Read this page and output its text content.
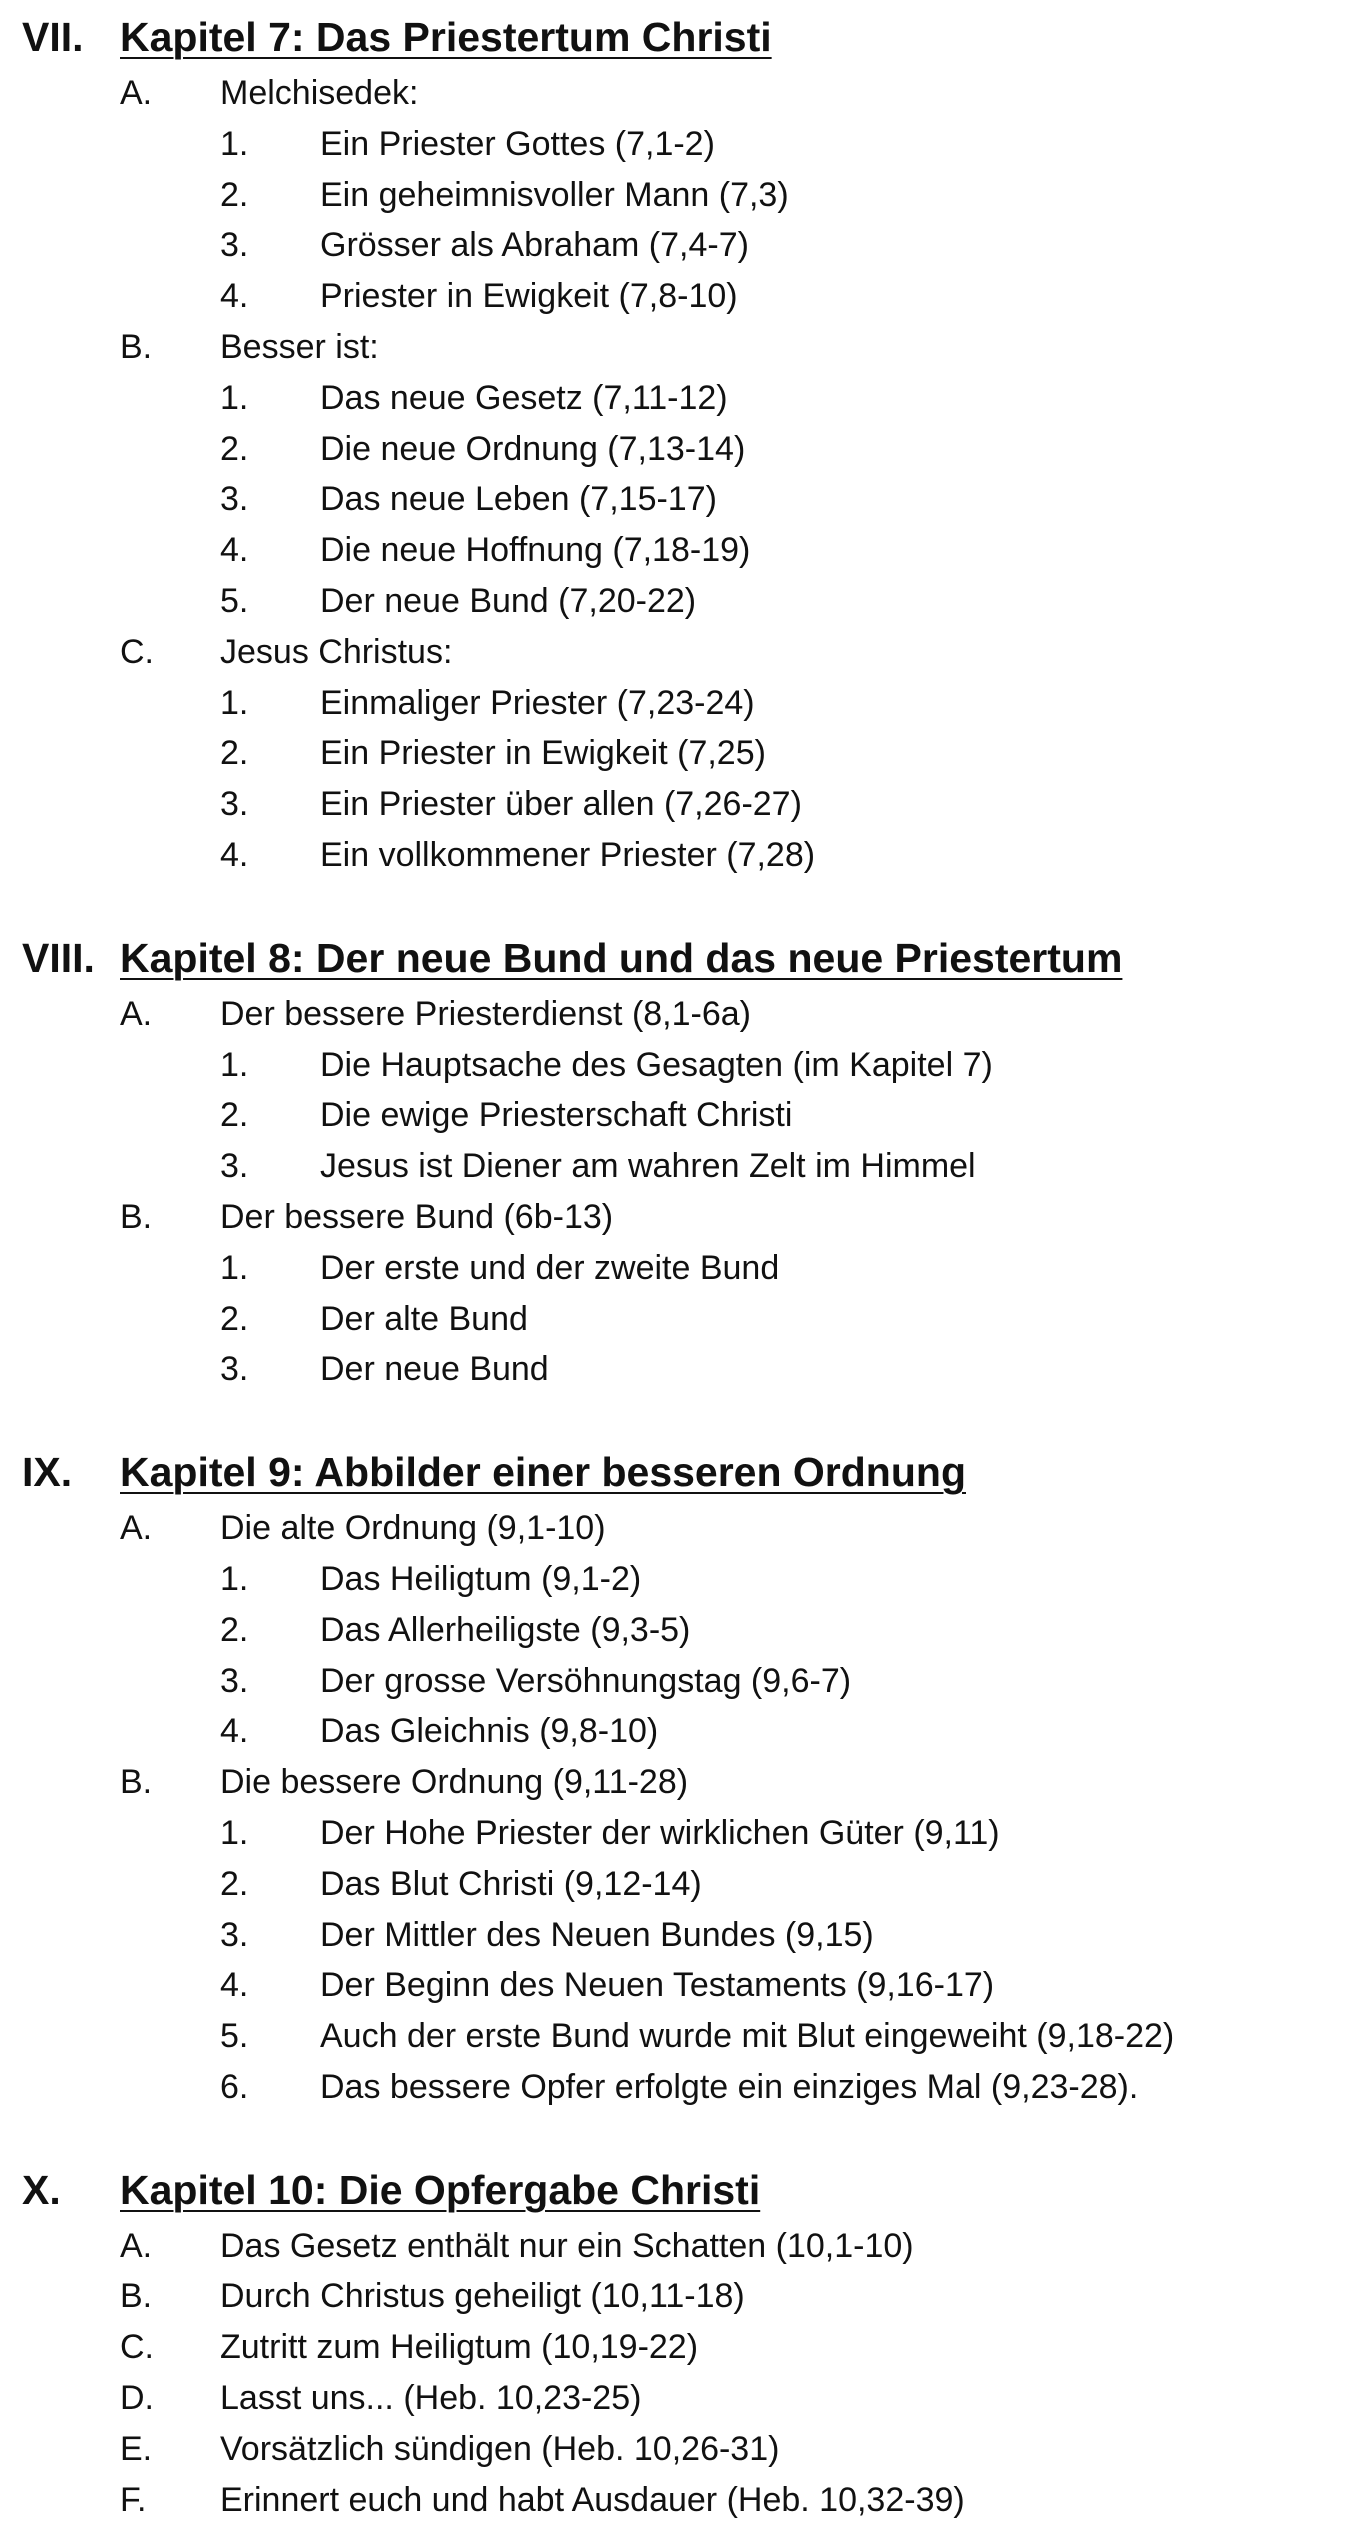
VII. Kapitel 7: Das Priestertum Christi
A.	Melchisedek:
1.	Ein Priester Gottes (7,1-2)
2.	Ein geheimnisvoller Mann (7,3)
3.	Grösser als Abraham (7,4-7)
4.	Priester in Ewigkeit (7,8-10)
B.	Besser ist:
1.	Das neue Gesetz (7,11-12)
2.	Die neue Ordnung (7,13-14)
3.	Das neue Leben (7,15-17)
4.	Die neue Hoffnung (7,18-19)
5.	Der neue Bund (7,20-22)
C.	Jesus Christus:
1.	Einmaliger Priester (7,23-24)
2.	Ein Priester in Ewigkeit (7,25)
3.	Ein Priester über allen (7,26-27)
4.	Ein vollkommener Priester (7,28)
VIII. Kapitel 8: Der neue Bund und das neue Priestertum
A.	Der bessere Priesterdienst (8,1-6a)
1.	Die Hauptsache des Gesagten (im Kapitel 7)
2.	Die ewige Priesterschaft Christi
3.	Jesus ist Diener am wahren Zelt im Himmel
B.	Der bessere Bund (6b-13)
1.	Der erste und der zweite Bund
2.	Der alte Bund
3.	Der neue Bund
IX.	Kapitel 9: Abbilder einer besseren Ordnung
A.	Die alte Ordnung (9,1-10)
1.	Das Heiligtum (9,1-2)
2.	Das Allerheiligste (9,3-5)
3.	Der grosse Versöhnungstag (9,6-7)
4.	Das Gleichnis (9,8-10)
B.	Die bessere Ordnung (9,11-28)
1.	Der Hohe Priester der wirklichen Güter (9,11)
2.	Das Blut Christi (9,12-14)
3.	Der Mittler des Neuen Bundes (9,15)
4.	Der Beginn des Neuen Testaments (9,16-17)
5.	Auch der erste Bund wurde mit Blut eingeweiht (9,18-22)
6.	Das bessere Opfer erfolgte ein einziges Mal (9,23-28).
X.	Kapitel 10: Die Opfergabe Christi
A.	Das Gesetz enthält nur ein Schatten (10,1-10)
B.	Durch Christus geheiligt (10,11-18)
C.	Zutritt zum Heiligtum (10,19-22)
D.	Lasst uns... (Heb. 10,23-25)
E.	Vorsätzlich sündigen (Heb. 10,26-31)
F.	Erinnert euch und habt Ausdauer (Heb. 10,32-39)
